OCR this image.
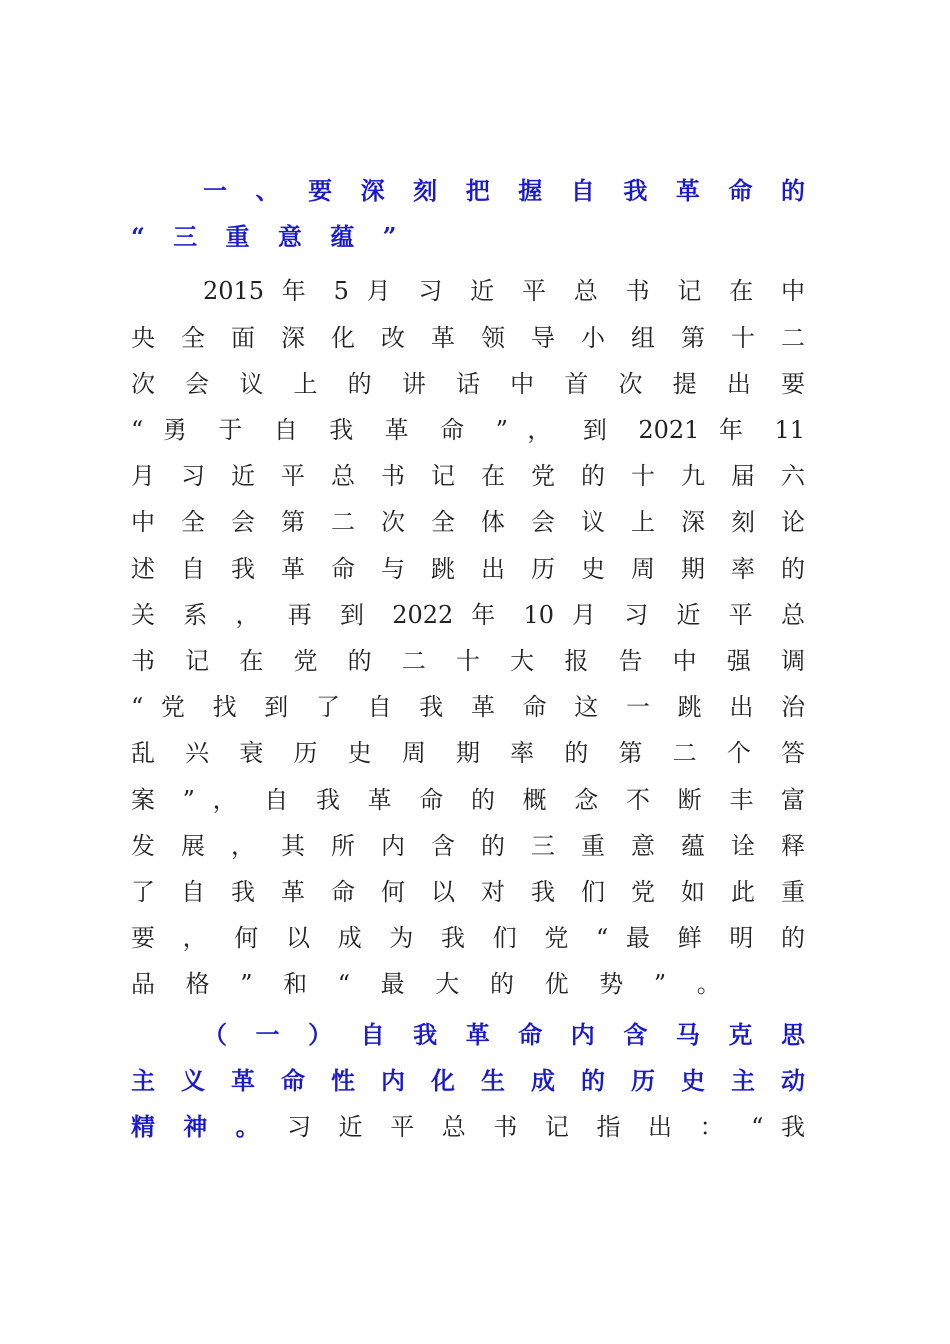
一 、 要 深 刻 把 握 自 我 革 命 的
“ 三 重 意 蕴 ”
2015 年 5 月 习 近 平 总 书 记 在 中
央 全 面 深 化 改 革 领 导 小 组 第 十 二
次 会 议 上 的 讲 话 中 首 次 提 出 要
“ 勇 于 自 我 革 命 ” ， 到 2021 年 11
月 习 近 平 总 书 记 在 党 的 十 九 届 六
中 全 会 第 二 次 全 体 会 议 上 深 刻 论
述 自 我 革 命 与 跳 出 历 史 周 期 率 的
关 系 ， 再 到 2022 年 10 月 习 近 平 总
书 记 在 党 的 二 十 大 报 告 中 强 调
“ 党 找 到 了 自 我 革 命 这 一 跳 出 治
乱 兴 衰 历 史 周 期 率 的 第 二 个 答
案 ” ， 自 我 革 命 的 概 念 不 断 丰 富
发 展 ， 其 所 内 含 的 三 重 意 蕴 诠 释
了 自 我 革 命 何 以 对 我 们 党 如 此 重
要 ， 何 以 成 为 我 们 党 “ 最 鲜 明 的
品 格 ” 和 “ 最 大 的 优 势 ” 。
（ 一 ） 自 我 革 命 内 含 马 克 思
主 义 革 命 性 内 化 生 成 的 历 史 主 动
精 神 。 习 近 平 总 书 记 指 出 ： “ 我
